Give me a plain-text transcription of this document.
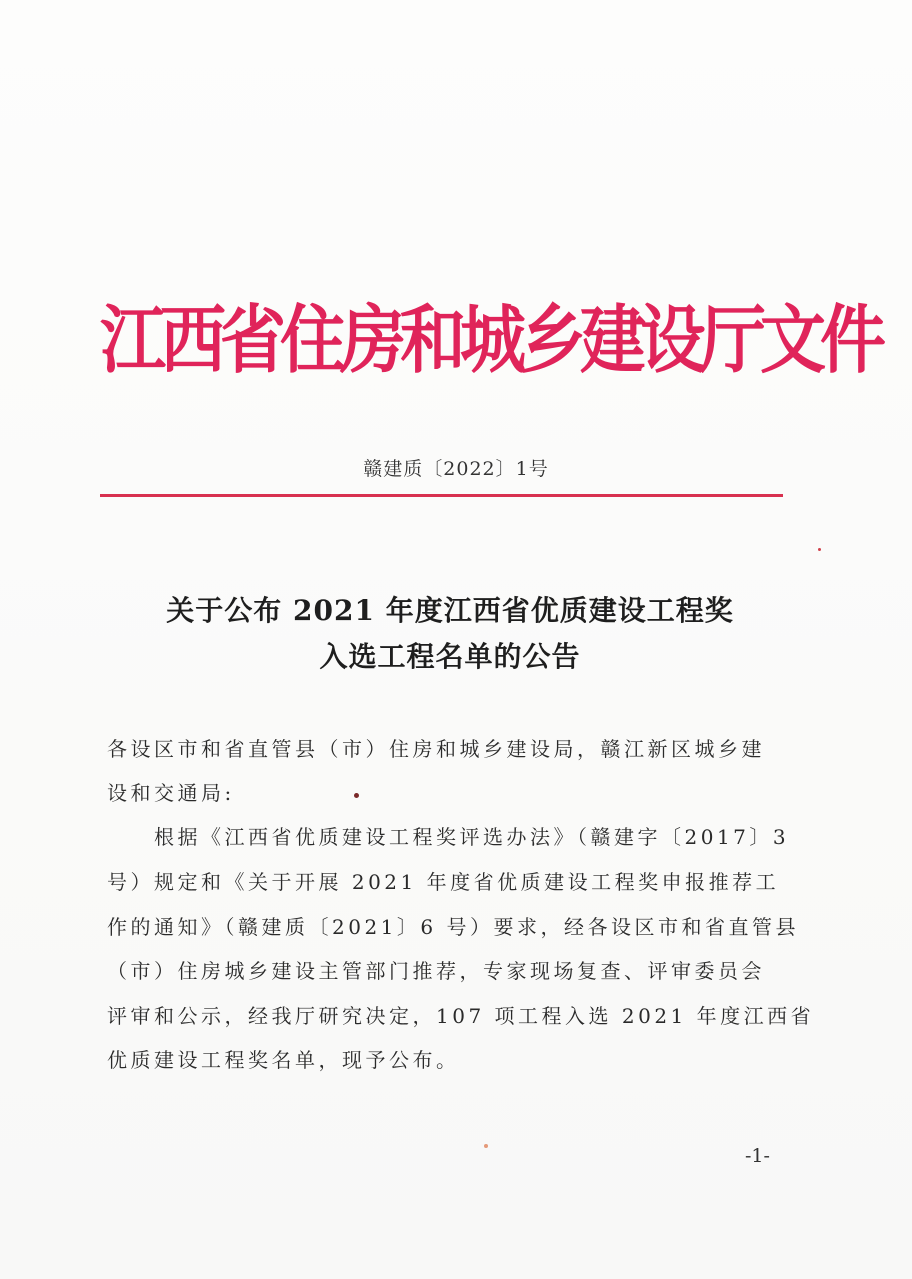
江西省住房和城乡建设厅文件
赣建质〔2022〕1号
关于公布 2021 年度江西省优质建设工程奖
入选工程名单的公告
各设区市和省直管县（市）住房和城乡建设局，赣江新区城乡建
设和交通局:
　　根据《江西省优质建设工程奖评选办法》（赣建字〔2017〕3
号）规定和《关于开展 2021 年度省优质建设工程奖申报推荐工
作的通知》（赣建质〔2021〕6 号）要求，经各设区市和省直管县
（市）住房城乡建设主管部门推荐，专家现场复查、评审委员会
评审和公示，经我厅研究决定，107 项工程入选 2021 年度江西省
优质建设工程奖名单，现予公布。
-1-
